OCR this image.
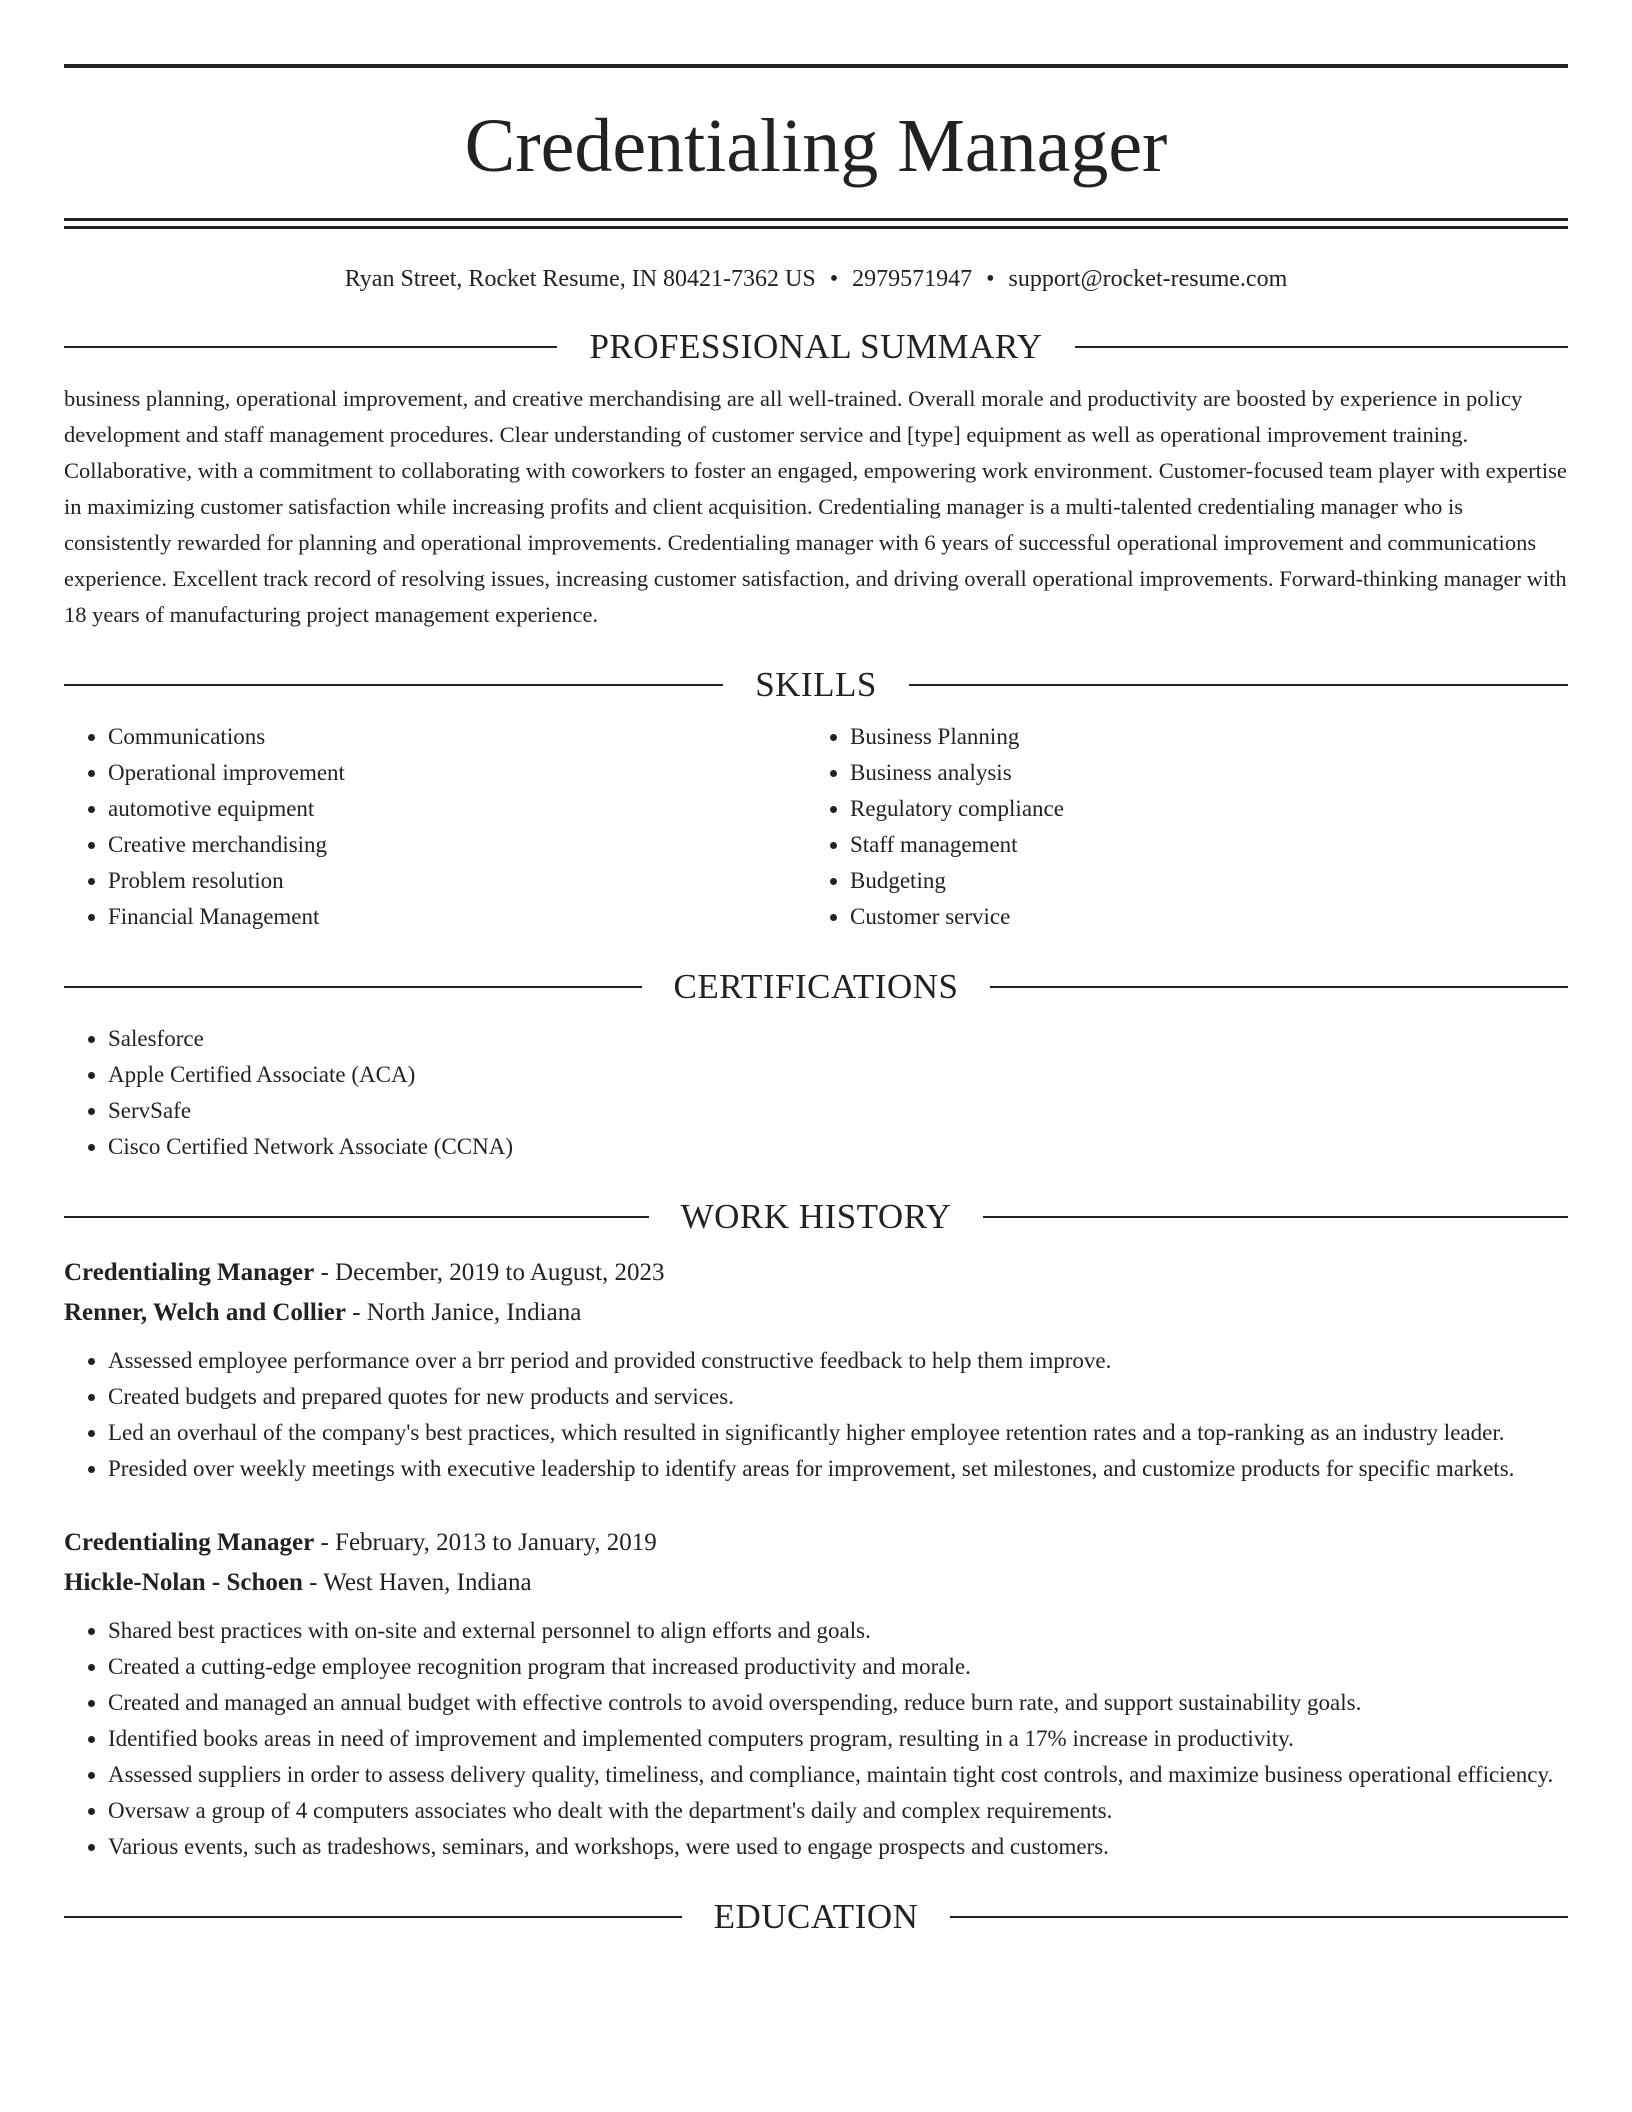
Credentialing Manager
Ryan Street, Rocket Resume, IN 80421-7362 US • 2979571947 • support@rocket-resume.com
PROFESSIONAL SUMMARY

business planning, operational improvement, and creative merchandising are all well-trained. Overall morale and productivity are boosted by experience in policy development and staff management procedures. Clear understanding of customer service and [type] equipment as well as operational improvement training. Collaborative, with a commitment to collaborating with coworkers to foster an engaged, empowering work environment. Customer-focused team player with expertise in maximizing customer satisfaction while increasing profits and client acquisition. Credentialing manager is a multi-talented credentialing manager who is consistently rewarded for planning and operational improvements. Credentialing manager with 6 years of successful operational improvement and communications experience. Excellent track record of resolving issues, increasing customer satisfaction, and driving overall operational improvements. Forward-thinking manager with 18 years of manufacturing project management experience.

SKILLS
• Communications
• Operational improvement
• automotive equipment
• Creative merchandising
• Problem resolution
• Financial Management
• Business Planning
• Business analysis
• Regulatory compliance
• Staff management
• Budgeting
• Customer service
CERTIFICATIONS
• Salesforce
• Apple Certified Associate (ACA)
• ServSafe
• Cisco Certified Network Associate (CCNA)
WORK HISTORY
Credentialing Manager - December, 2019 to August, 2023
Renner, Welch and Collier - North Janice, Indiana
• Assessed employee performance over a brr period and provided constructive feedback to help them improve.
• Created budgets and prepared quotes for new products and services.
• Led an overhaul of the company's best practices, which resulted in significantly higher employee retention rates and a top-ranking as an industry leader.
• Presided over weekly meetings with executive leadership to identify areas for improvement, set milestones, and customize products for specific markets.
Credentialing Manager - February, 2013 to January, 2019
Hickle-Nolan - Schoen - West Haven, Indiana
• Shared best practices with on-site and external personnel to align efforts and goals.
• Created a cutting-edge employee recognition program that increased productivity and morale.
• Created and managed an annual budget with effective controls to avoid overspending, reduce burn rate, and support sustainability goals.
• Identified books areas in need of improvement and implemented computers program, resulting in a 17% increase in productivity.
• Assessed suppliers in order to assess delivery quality, timeliness, and compliance, maintain tight cost controls, and maximize business operational efficiency.
• Oversaw a group of 4 computers associates who dealt with the department's daily and complex requirements.
• Various events, such as tradeshows, seminars, and workshops, were used to engage prospects and customers.
EDUCATION
